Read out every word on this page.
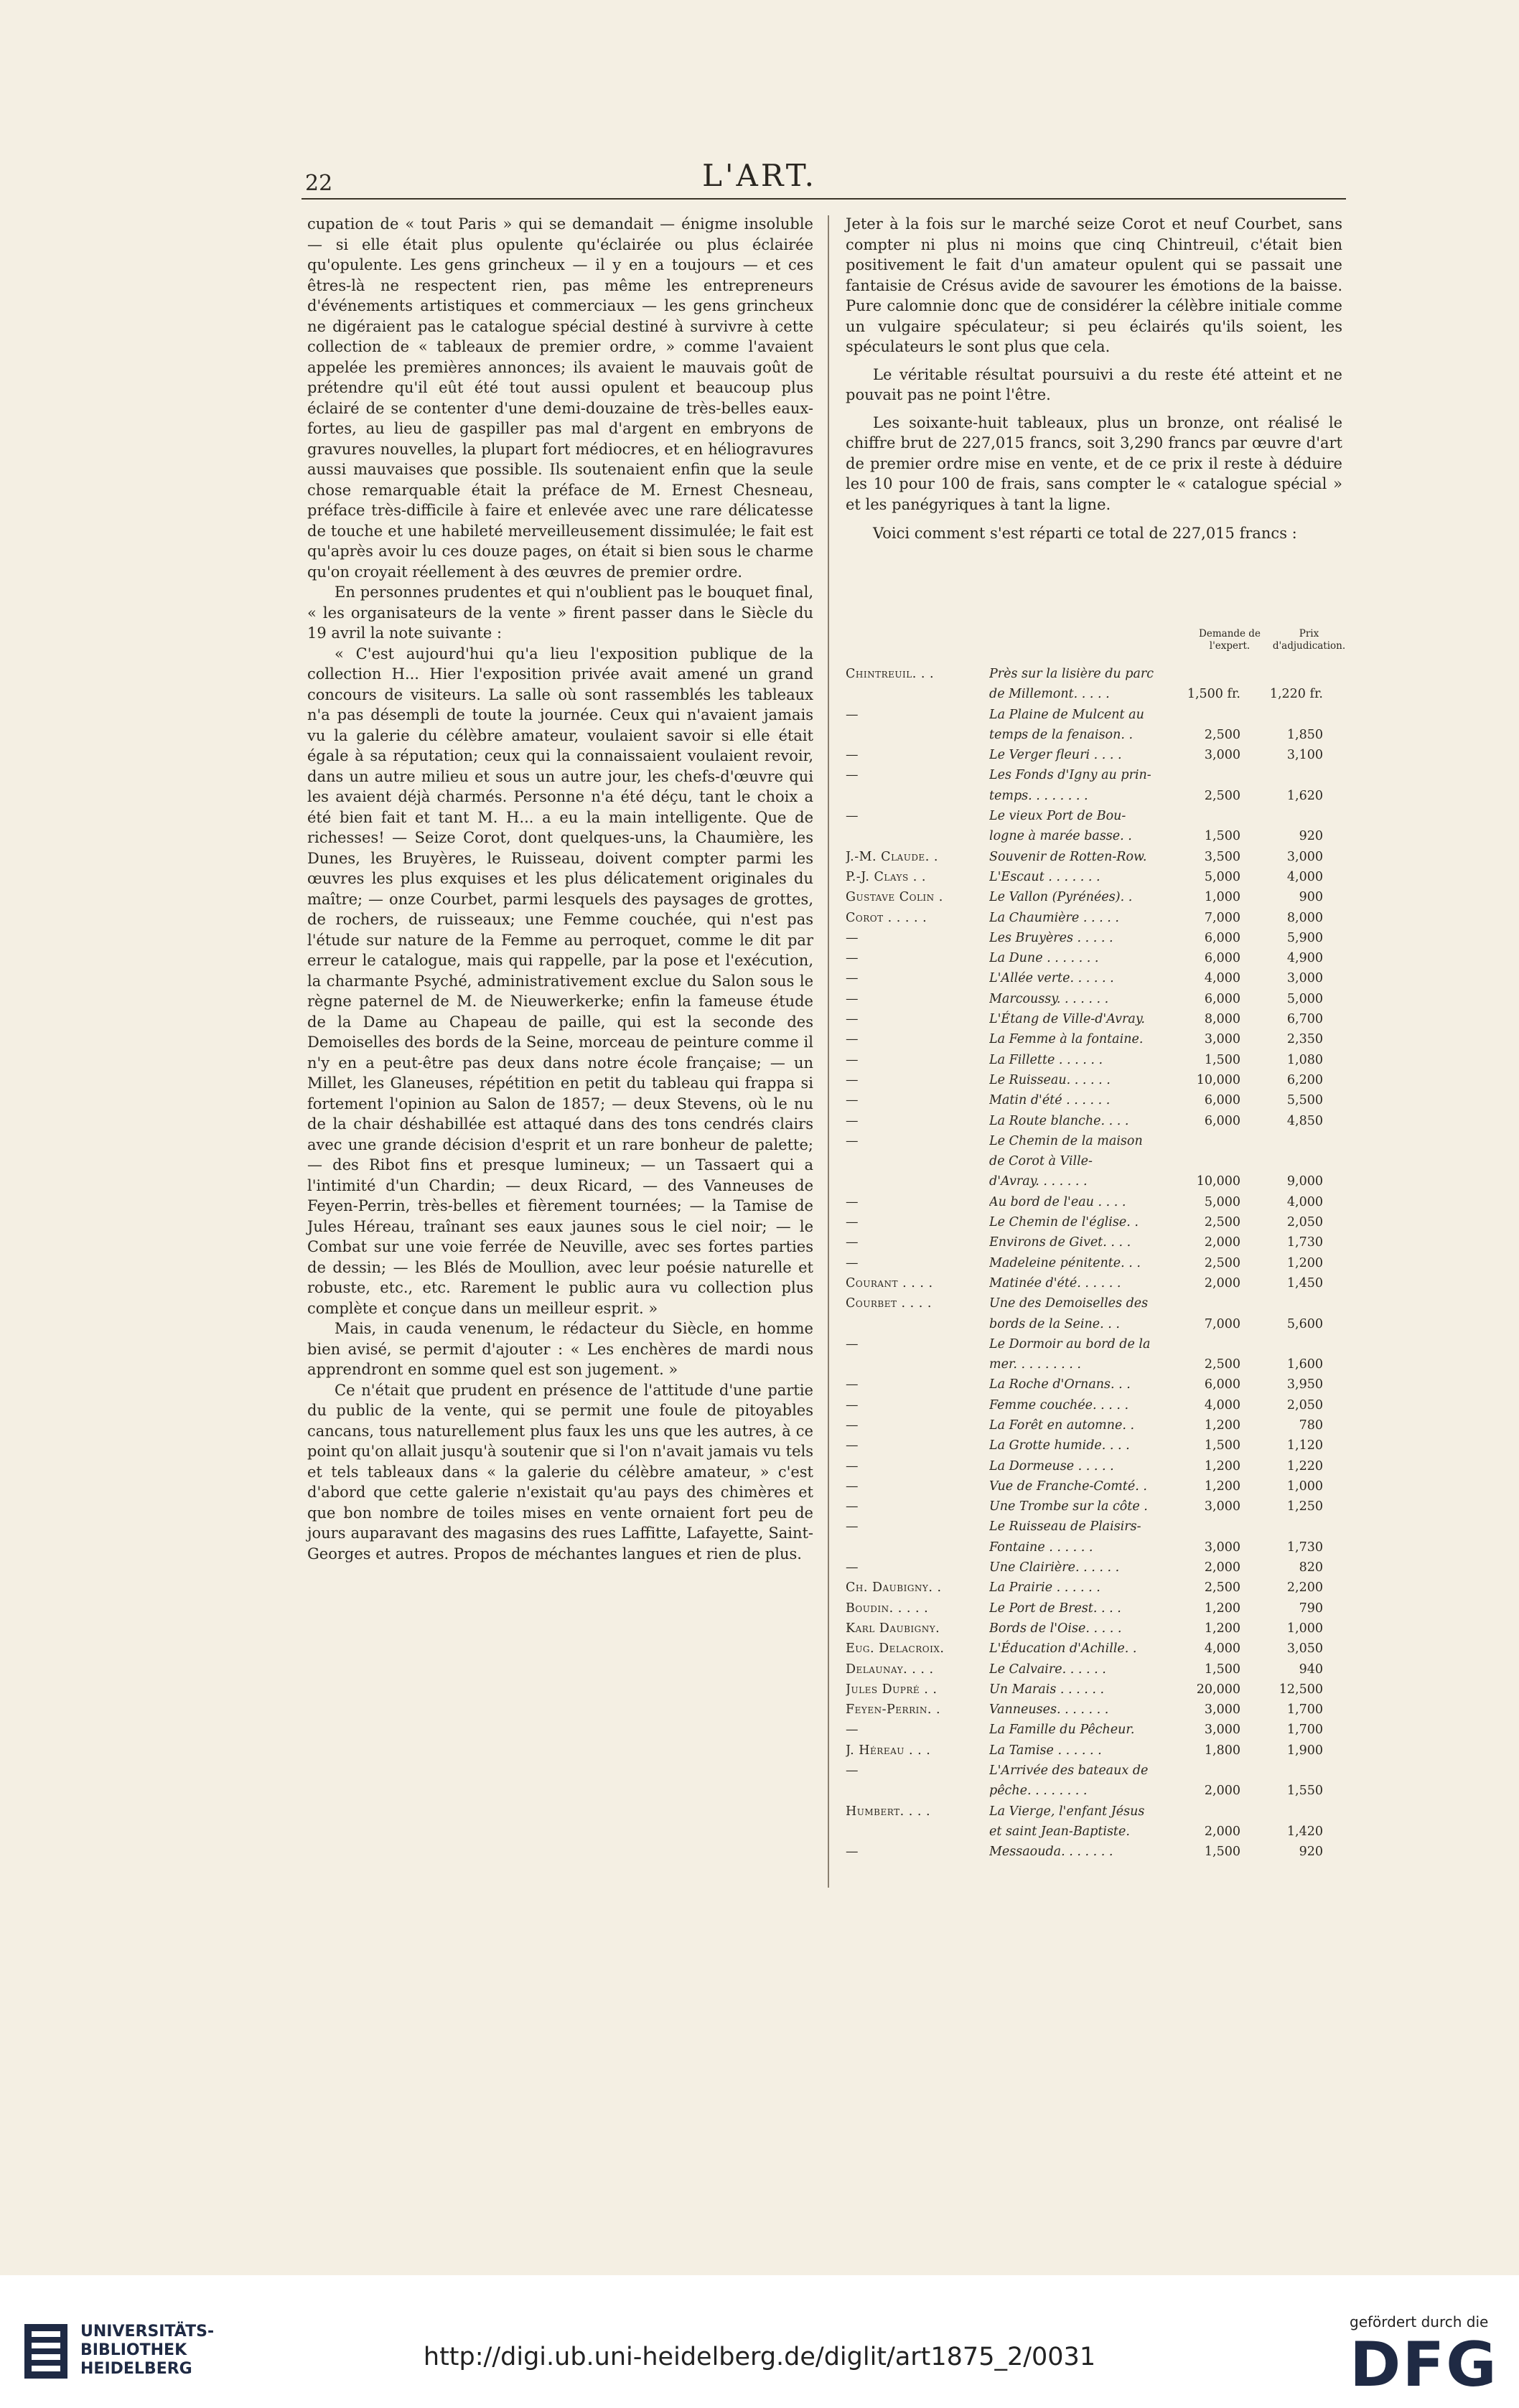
22	L'ART.

cupation de « tout Paris » qui se demandait — énigme insoluble — si elle était plus opulente qu'éclairée ou plus éclairée qu'opulente. Les gens grincheux — il y en a toujours — et ces êtres-là ne respectent rien, pas même les entrepreneurs d'événements artistiques et commerciaux — les gens grincheux ne digéraient pas le catalogue spécial destiné à survivre à cette collection de « tableaux de premier ordre, » comme l'avaient appelée les premières annonces; ils avaient le mauvais goût de prétendre qu'il eût été tout aussi opulent et beaucoup plus éclairé de se contenter d'une demi-douzaine de très-belles eaux-fortes, au lieu de gaspiller pas mal d'argent en embryons de gravures nouvelles, la plupart fort médiocres, et en héliogravures aussi mauvaises que possible. Ils soutenaient enfin que la seule chose remarquable était la préface de M. Ernest Chesneau, préface très-difficile à faire et enlevée avec une rare délicatesse de touche et une habileté merveilleusement dissimulée; le fait est qu'après avoir lu ces douze pages, on était si bien sous le charme qu'on croyait réellement à des œuvres de premier ordre.

En personnes prudentes et qui n'oublient pas le bouquet final, « les organisateurs de la vente » firent passer dans le Siècle du 19 avril la note suivante :

« C'est aujourd'hui qu'a lieu l'exposition publique de la collection H... Hier l'exposition privée avait amené un grand concours de visiteurs. La salle où sont rassemblés les tableaux n'a pas désempli de toute la journée. Ceux qui n'avaient jamais vu la galerie du célèbre amateur, voulaient savoir si elle était égale à sa réputation; ceux qui la connaissaient voulaient revoir, dans un autre milieu et sous un autre jour, les chefs-d'œuvre qui les avaient déjà charmés. Personne n'a été déçu, tant le choix a été bien fait et tant M. H... a eu la main intelligente. Que de richesses! — Seize Corot, dont quelques-uns, la Chaumière, les Dunes, les Bruyères, le Ruisseau, doivent compter parmi les œuvres les plus exquises et les plus délicatement originales du maître; — onze Courbet, parmi lesquels des paysages de grottes, de rochers, de ruisseaux; une Femme couchée, qui n'est pas l'étude sur nature de la Femme au perroquet, comme le dit par erreur le catalogue, mais qui rappelle, par la pose et l'exécution, la charmante Psyché, administrativement exclue du Salon sous le règne paternel de M. de Nieuwerkerke; enfin la fameuse étude de la Dame au Chapeau de paille, qui est la seconde des Demoiselles des bords de la Seine, morceau de peinture comme il n'y en a peut-être pas deux dans notre école française; — un Millet, les Glaneuses, répétition en petit du tableau qui frappa si fortement l'opinion au Salon de 1857; — deux Stevens, où le nu de la chair déshabillée est attaqué dans des tons cendrés clairs avec une grande décision d'esprit et un rare bonheur de palette; — des Ribot fins et presque lumineux; — un Tassaert qui a l'intimité d'un Chardin; — deux Ricard, — des Vanneuses de Feyen-Perrin, très-belles et fièrement tournées; — la Tamise de Jules Héreau, traînant ses eaux jaunes sous le ciel noir; — le Combat sur une voie ferrée de Neuville, avec ses fortes parties de dessin; — les Blés de Moullion, avec leur poésie naturelle et robuste, etc., etc. Rarement le public aura vu collection plus complète et conçue dans un meilleur esprit. »

Mais, in cauda venenum, le rédacteur du Siècle, en homme bien avisé, se permit d'ajouter : « Les enchères de mardi nous apprendront en somme quel est son jugement. »

Ce n'était que prudent en présence de l'attitude d'une partie du public de la vente, qui se permit une foule de pitoyables cancans, tous naturellement plus faux les uns que les autres, à ce point qu'on allait jusqu'à soutenir que si l'on n'avait jamais vu tels et tels tableaux dans « la galerie du célèbre amateur, » c'est d'abord que cette galerie n'existait qu'au pays des chimères et que bon nombre de toiles mises en vente ornaient fort peu de jours auparavant des magasins des rues Laffitte, Lafayette, Saint-Georges et autres. Propos de méchantes langues et rien de plus.

Jeter à la fois sur le marché seize Corot et neuf Courbet, sans compter ni plus ni moins que cinq Chintreuil, c'était bien positivement le fait d'un amateur opulent qui se passait une fantaisie de Crésus avide de savourer les émotions de la baisse. Pure calomnie donc que de considérer la célèbre initiale comme un vulgaire spéculateur; si peu éclairés qu'ils soient, les spéculateurs le sont plus que cela.

Le véritable résultat poursuivi a du reste été atteint et ne pouvait pas ne point l'être.

Les soixante-huit tableaux, plus un bronze, ont réalisé le chiffre brut de 227,015 francs, soit 3,290 francs par œuvre d'art de premier ordre mise en vente, et de ce prix il reste à déduire les 10 pour 100 de frais, sans compter le « catalogue spécial » et les panégyriques à tant la ligne.

Voici comment s'est réparti ce total de 227,015 francs :

Demande de l'expert.
Prix d'adjudication.
Chintreuil. . .	Près sur la lisière du parc
de Millemont. . . . .	1,500 fr.	1,220 fr.
—	La Plaine de Mulcent au
temps de la fenaison. .	2,500	1,850
—	Le Verger fleuri . . . .	3,000	3,100
—	Les Fonds d'Igny au prin-
temps. . . . . . . .	2,500	1,620
—	Le vieux Port de Bou-
logne à marée basse. .	1,500	920
J.-M. Claude. .	Souvenir de Rotten-Row.	3,500	3,000
P.-J. Clays . .	L'Escaut . . . . . . .	5,000	4,000
Gustave Colin .	Le Vallon (Pyrénées). .	1,000	900
Corot . . . . .	La Chaumière . . . . .	7,000	8,000
—	Les Bruyères . . . . .	6,000	5,900
—	La Dune . . . . . . .	6,000	4,900
—	L'Allée verte. . . . . .	4,000	3,000
—	Marcoussy. . . . . . .	6,000	5,000
—	L'Étang de Ville-d'Avray.	8,000	6,700
—	La Femme à la fontaine.	3,000	2,350
—	La Fillette . . . . . .	1,500	1,080
—	Le Ruisseau. . . . . .	10,000	6,200
—	Matin d'été . . . . . .	6,000	5,500
—	La Route blanche. . . .	6,000	4,850
—	Le Chemin de la maison
de Corot à Ville-
d'Avray. . . . . . .	10,000	9,000
—	Au bord de l'eau . . . .	5,000	4,000
—	Le Chemin de l'église. .	2,500	2,050
—	Environs de Givet. . . .	2,000	1,730
—	Madeleine pénitente. . .	2,500	1,200
Courant . . . .	Matinée d'été. . . . . .	2,000	1,450
Courbet . . . .	Une des Demoiselles des
bords de la Seine. . .	7,000	5,600
—	Le Dormoir au bord de la
mer. . . . . . . . .	2,500	1,600
—	La Roche d'Ornans. . .	6,000	3,950
—	Femme couchée. . . . .	4,000	2,050
—	La Forêt en automne. .	1,200	780
—	La Grotte humide. . . .	1,500	1,120
—	La Dormeuse . . . . .	1,200	1,220
—	Vue de Franche-Comté. .	1,200	1,000
—	Une Trombe sur la côte .	3,000	1,250
—	Le Ruisseau de Plaisirs-
Fontaine . . . . . .	3,000	1,730
—	Une Clairière. . . . . .	2,000	820
Ch. Daubigny. .	La Prairie . . . . . .	2,500	2,200
Boudin. . . . .	Le Port de Brest. . . .	1,200	790
Karl Daubigny.	Bords de l'Oise. . . . .	1,200	1,000
Eug. Delacroix.	L'Éducation d'Achille. .	4,000	3,050
Delaunay. . . .	Le Calvaire. . . . . .	1,500	940
Jules Dupré . .	Un Marais . . . . . .	20,000	12,500
Feyen-Perrin. .	Vanneuses. . . . . . .	3,000	1,700
—	La Famille du Pêcheur.	3,000	1,700
J. Héreau . . .	La Tamise . . . . . .	1,800	1,900
—	L'Arrivée des bateaux de
pêche. . . . . . . .	2,000	1,550
Humbert. . . .	La Vierge, l'enfant Jésus
et saint Jean-Baptiste.	2,000	1,420
—	Messaouda. . . . . . .	1,500	920
UNIVERSITÄTS-
BIBLIOTHEK
HEIDELBERG	http://digi.ub.uni-heidelberg.de/diglit/art1875_2/0031
gefördert durch die
DFG
